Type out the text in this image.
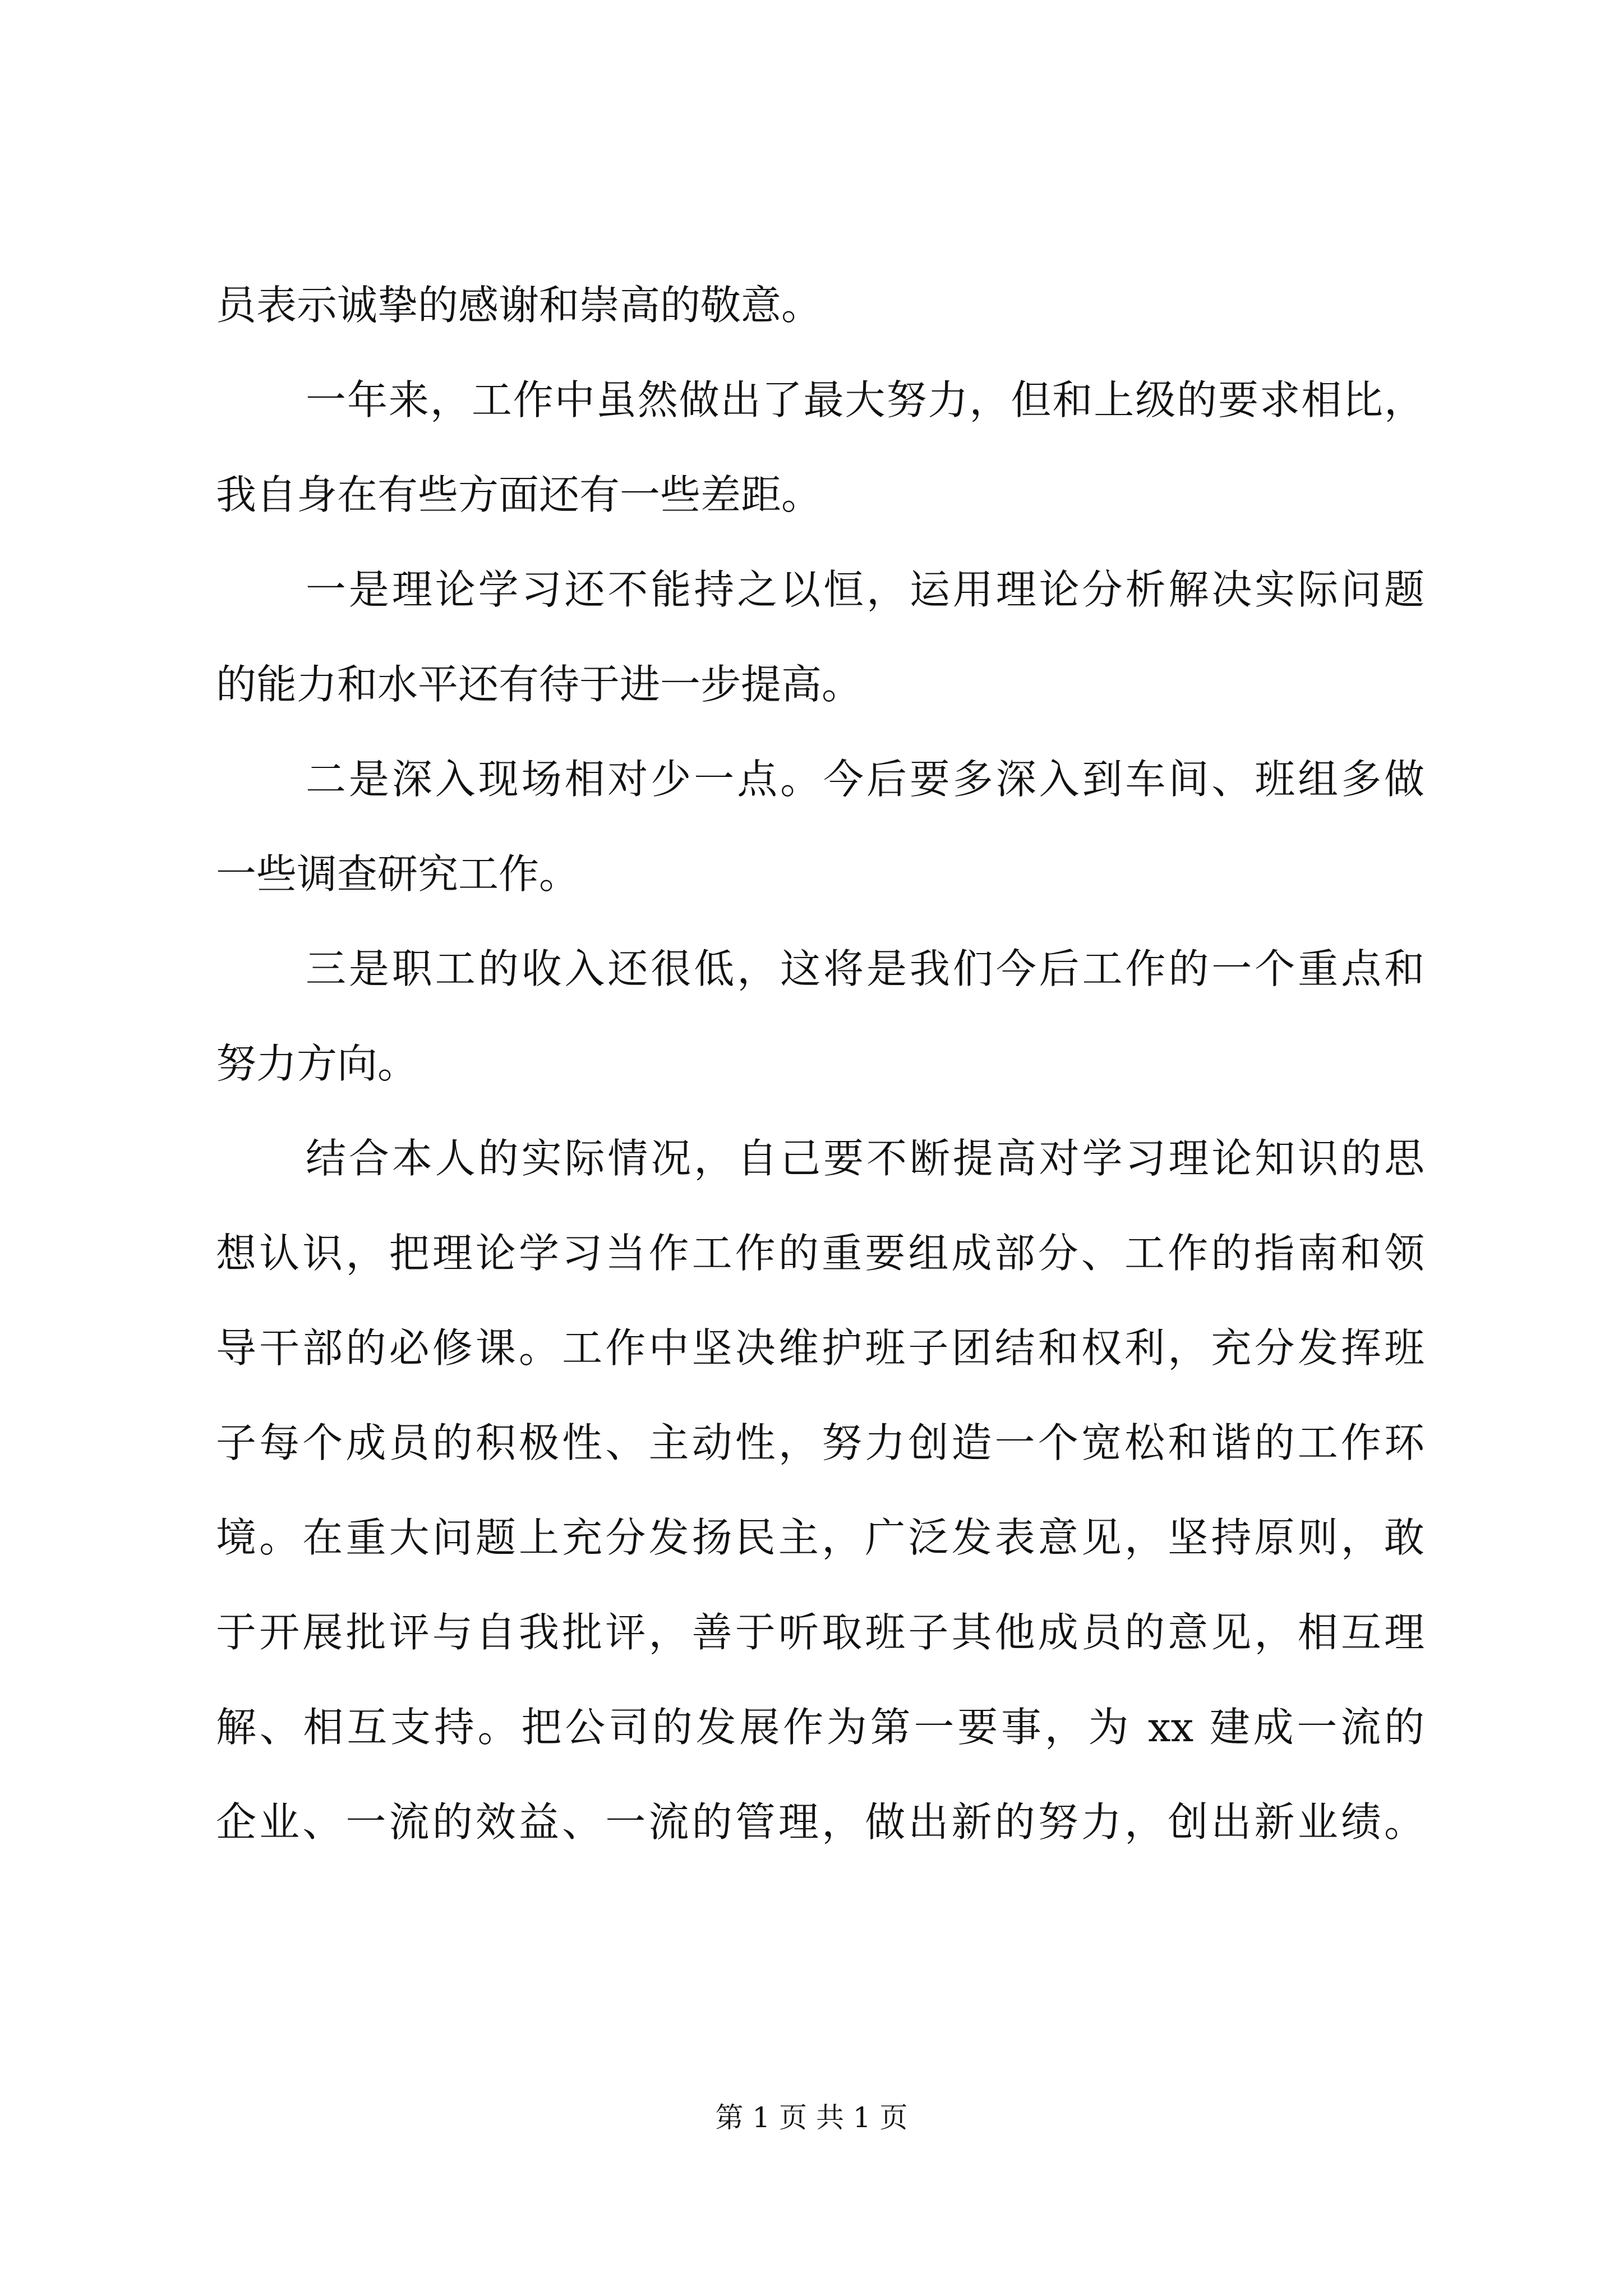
员表示诚挚的感谢和崇高的敬意。
一年来，工作中虽然做出了最大努力，但和上级的要求相比，
我自身在有些方面还有一些差距。
一是理论学习还不能持之以恒，运用理论分析解决实际问题
的能力和水平还有待于进一步提高。
二是深入现场相对少一点。今后要多深入到车间、班组多做
一些调查研究工作。
三是职工的收入还很低，这将是我们今后工作的一个重点和
努力方向。
结合本人的实际情况，自己要不断提高对学习理论知识的思
想认识，把理论学习当作工作的重要组成部分、工作的指南和领
导干部的必修课。工作中坚决维护班子团结和权利，充分发挥班
子每个成员的积极性、主动性，努力创造一个宽松和谐的工作环
境。在重大问题上充分发扬民主，广泛发表意见，坚持原则，敢
于开展批评与自我批评，善于听取班子其他成员的意见，相互理
解、相互支持。把公司的发展作为第一要事，为 xx 建成一流的
企业、一流的效益、一流的管理，做出新的努力，创出新业绩。
第 1 页 共 1 页
